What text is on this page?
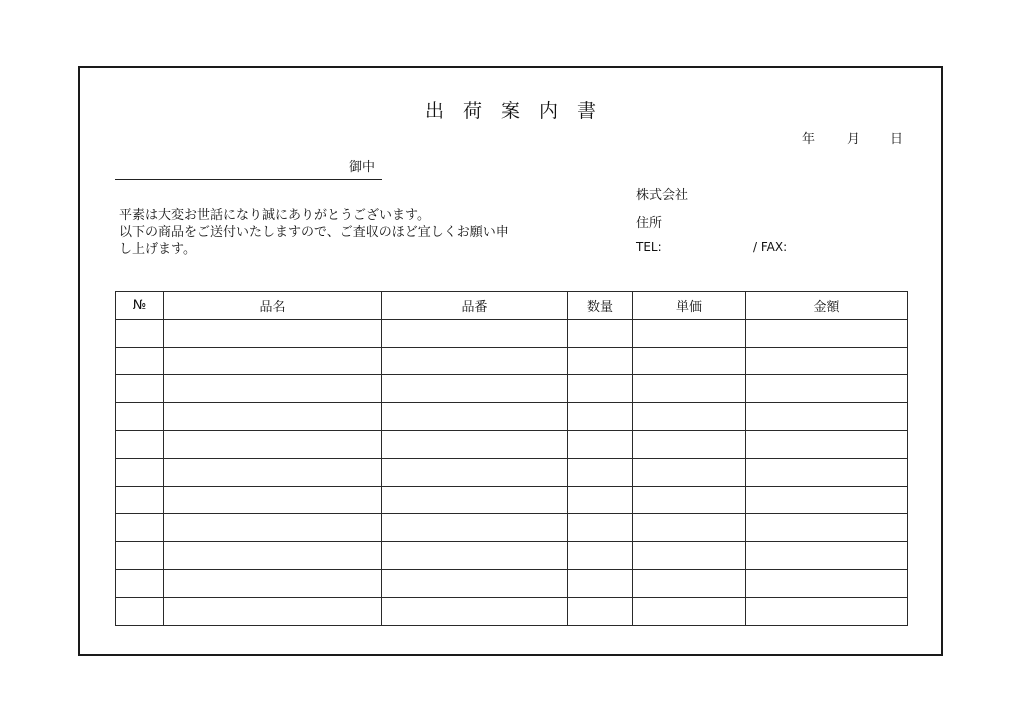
出荷案内書
年 月 日
御中
平素は大変お世話になり誠にありがとうございます。
以下の商品をご送付いたしますので、ご査収のほど宜しくお願い申
し上げます。
株式会社
住所
TEL:	/ FAX:
№	品名	品番	数量	単価	金額
